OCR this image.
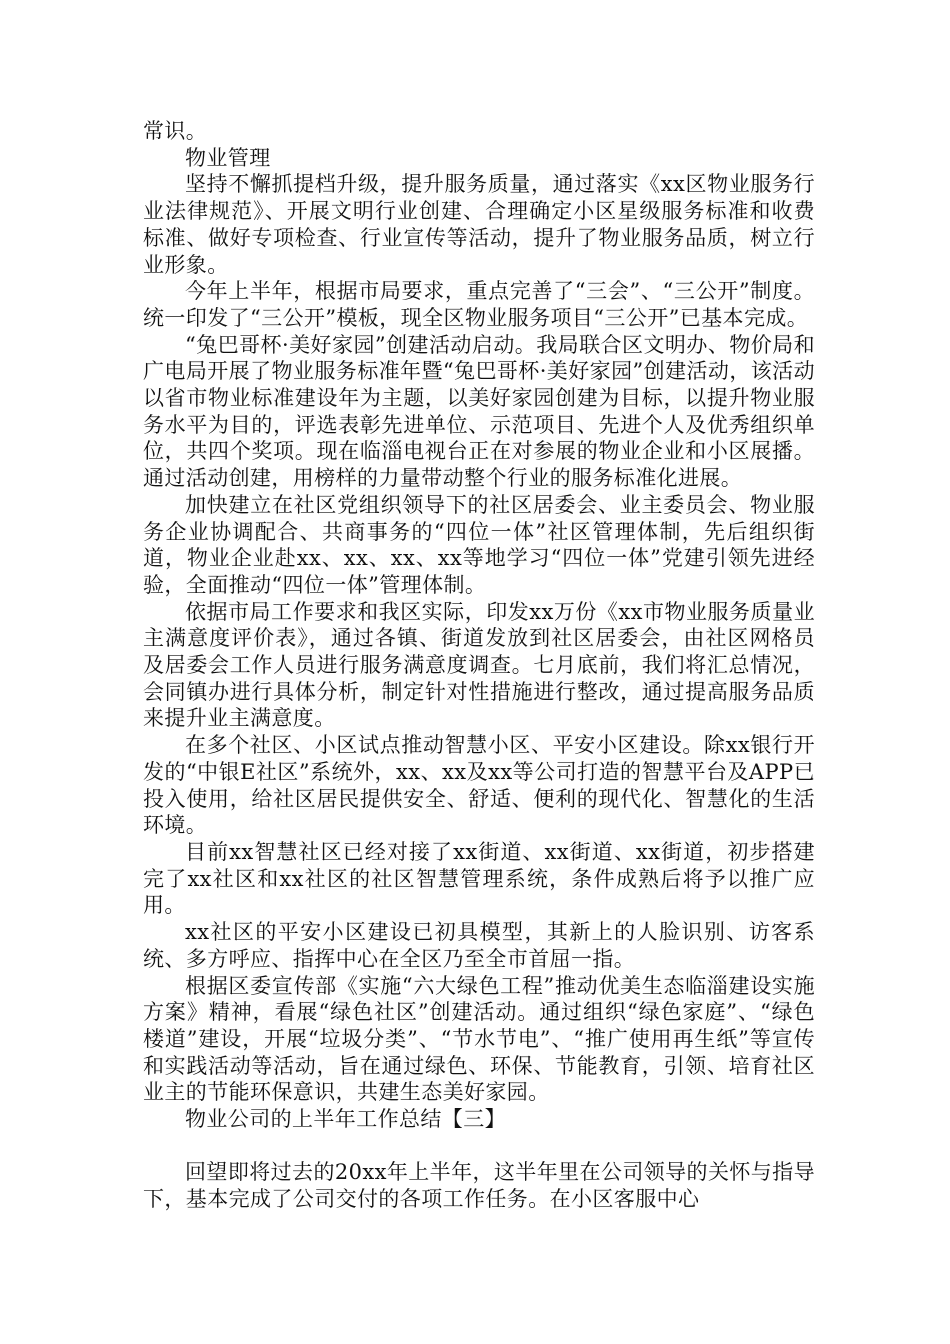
常识。

物业管理

坚持不懈抓提档升级，提升服务质量，通过落实《xx区物业服务行业法律规范》、开展文明行业创建、合理确定小区星级服务标准和收费标准、做好专项检查、行业宣传等活动，提升了物业服务品质，树立行业形象。

今年上半年，根据市局要求，重点完善了“三会”、“三公开”制度。统一印发了“三公开”模板，现全区物业服务项目“三公开”已基本完成。

“兔巴哥杯·美好家园”创建活动启动。我局联合区文明办、物价局和广电局开展了物业服务标准年暨“兔巴哥杯·美好家园”创建活动，该活动以省市物业标准建设年为主题，以美好家园创建为目标，以提升物业服务水平为目的，评选表彰先进单位、示范项目、先进个人及优秀组织单位，共四个奖项。现在临淄电视台正在对参展的物业企业和小区展播。通过活动创建，用榜样的力量带动整个行业的服务标准化进展。

加快建立在社区党组织领导下的社区居委会、业主委员会、物业服务企业协调配合、共商事务的“四位一体”社区管理体制，先后组织街道，物业企业赴xx、xx、xx、xx等地学习“四位一体”党建引领先进经验，全面推动“四位一体”管理体制。

依据市局工作要求和我区实际，印发xx万份《xx市物业服务质量业主满意度评价表》，通过各镇、街道发放到社区居委会，由社区网格员及居委会工作人员进行服务满意度调查。七月底前，我们将汇总情况，会同镇办进行具体分析，制定针对性措施进行整改，通过提高服务品质来提升业主满意度。

在多个社区、小区试点推动智慧小区、平安小区建设。除xx银行开发的“中银E社区”系统外，xx、xx及xx等公司打造的智慧平台及APP已投入使用，给社区居民提供安全、舒适、便利的现代化、智慧化的生活环境。

目前xx智慧社区已经对接了xx街道、xx街道、xx街道，初步搭建完了xx社区和xx社区的社区智慧管理系统，条件成熟后将予以推广应用。

xx社区的平安小区建设已初具模型，其新上的人脸识别、访客系统、多方呼应、指挥中心在全区乃至全市首屈一指。

根据区委宣传部《实施“六大绿色工程”推动优美生态临淄建设实施方案》精神，看展“绿色社区”创建活动。通过组织“绿色家庭”、“绿色楼道”建设，开展“垃圾分类”、“节水节电”、“推广使用再生纸”等宣传和实践活动等活动，旨在通过绿色、环保、节能教育，引领、培育社区业主的节能环保意识，共建生态美好家园。

物业公司的上半年工作总结【三】

回望即将过去的20xx年上半年，这半年里在公司领导的关怀与指导下，基本完成了公司交付的各项工作任务。在小区客服中心
